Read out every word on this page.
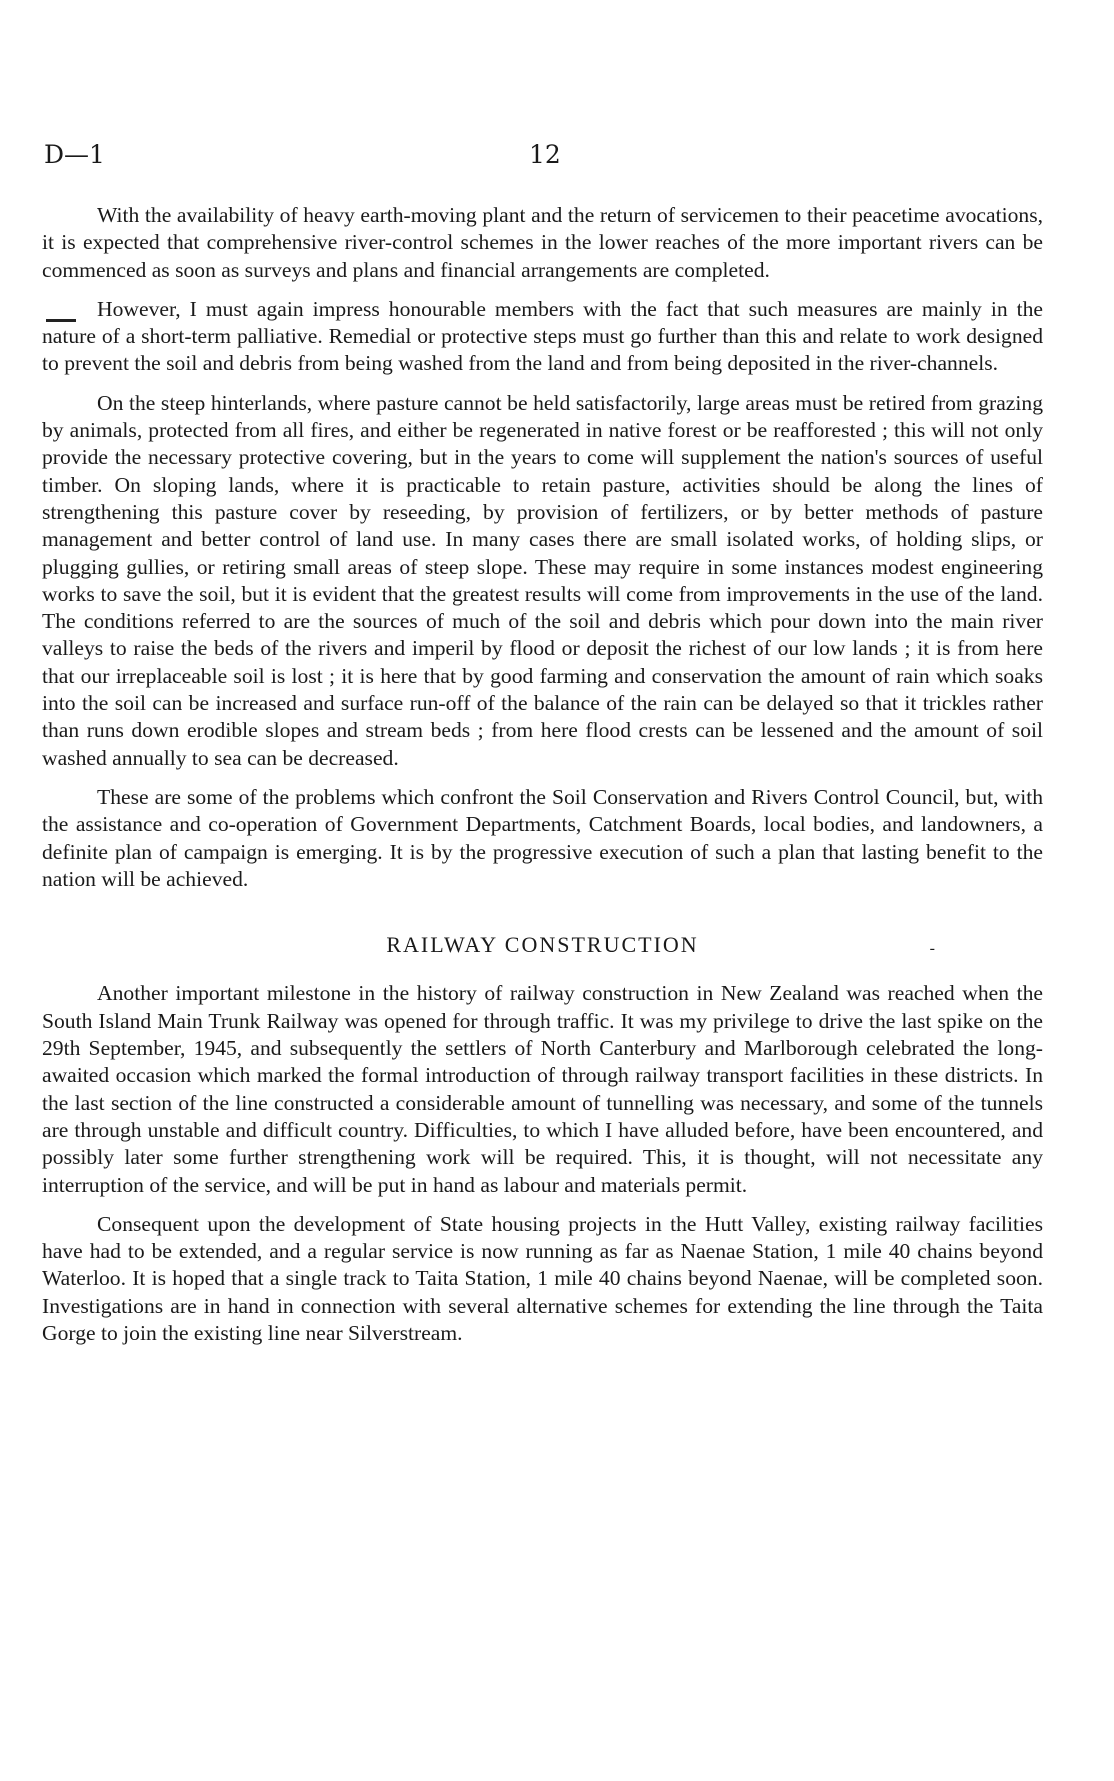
D—1	12

With the availability of heavy earth-moving plant and the return of servicemen to their peacetime avocations, it is expected that comprehensive river-control schemes in the lower reaches of the more important rivers can be commenced as soon as surveys and plans and financial arrangements are completed.

However, I must again impress honourable members with the fact that such measures are mainly in the nature of a short-term palliative. Remedial or protective steps must go further than this and relate to work designed to prevent the soil and debris from being washed from the land and from being deposited in the river-channels.

On the steep hinterlands, where pasture cannot be held satisfactorily, large areas must be retired from grazing by animals, protected from all fires, and either be regenerated in native forest or be reafforested ; this will not only provide the necessary protective covering, but in the years to come will supplement the nation's sources of useful timber. On sloping lands, where it is practicable to retain pasture, activities should be along the lines of strengthening this pasture cover by reseeding, by provision of fertilizers, or by better methods of pasture management and better control of land use. In many cases there are small isolated works, of holding slips, or plugging gullies, or retiring small areas of steep slope. These may require in some instances modest engineering works to save the soil, but it is evident that the greatest results will come from improvements in the use of the land. The conditions referred to are the sources of much of the soil and debris which pour down into the main river valleys to raise the beds of the rivers and imperil by flood or deposit the richest of our low lands ; it is from here that our irreplaceable soil is lost ; it is here that by good farming and conservation the amount of rain which soaks into the soil can be increased and surface run-off of the balance of the rain can be delayed so that it trickles rather than runs down erodible slopes and stream beds ; from here flood crests can be lessened and the amount of soil washed annually to sea can be decreased.

These are some of the problems which confront the Soil Conservation and Rivers Control Council, but, with the assistance and co-operation of Government Departments, Catchment Boards, local bodies, and landowners, a definite plan of campaign is emerging. It is by the progressive execution of such a plan that lasting benefit to the nation will be achieved.

RAILWAY CONSTRUCTION	-

Another important milestone in the history of railway construction in New Zealand was reached when the South Island Main Trunk Railway was opened for through traffic. It was my privilege to drive the last spike on the 29th September, 1945, and subsequently the settlers of North Canterbury and Marlborough celebrated the long-awaited occasion which marked the formal introduction of through railway transport facilities in these districts. In the last section of the line constructed a considerable amount of tunnelling was necessary, and some of the tunnels are through unstable and difficult country. Difficulties, to which I have alluded before, have been encountered, and possibly later some further strengthening work will be required. This, it is thought, will not necessitate any interruption of the service, and will be put in hand as labour and materials permit.

Consequent upon the development of State housing projects in the Hutt Valley, existing railway facilities have had to be extended, and a regular service is now running as far as Naenae Station, 1 mile 40 chains beyond Waterloo. It is hoped that a single track to Taita Station, 1 mile 40 chains beyond Naenae, will be completed soon. Investigations are in hand in connection with several alternative schemes for extending the line through the Taita Gorge to join the existing line near Silverstream.
